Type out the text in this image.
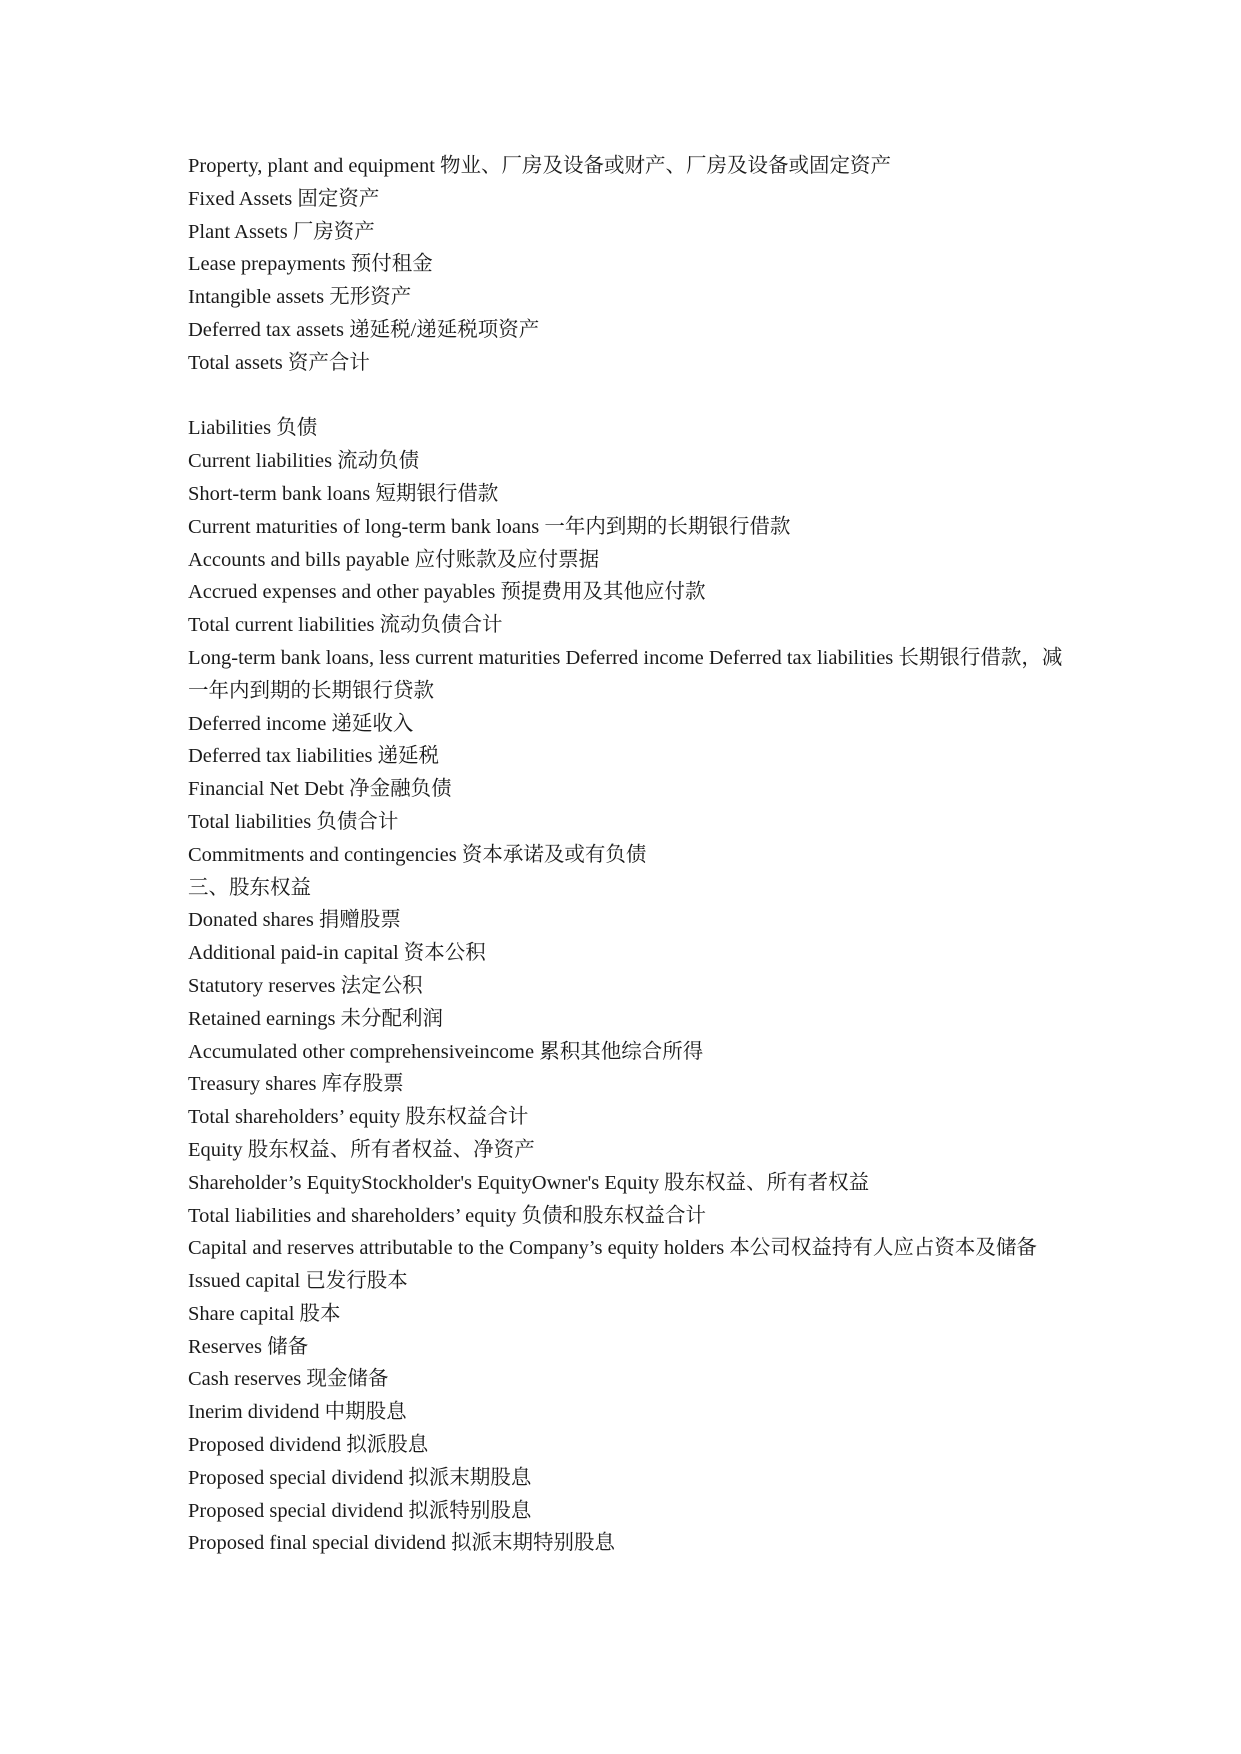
Property, plant and equipment 物业、厂房及设备或财产、厂房及设备或固定资产

Fixed Assets 固定资产

Plant Assets 厂房资产

Lease prepayments 预付租金

Intangible assets 无形资产

Deferred tax assets 递延税/递延税项资产

Total assets 资产合计

Liabilities 负债

Current liabilities 流动负债

Short-term bank loans 短期银行借款

Current maturities of long-term bank loans 一年内到期的长期银行借款

Accounts and bills payable 应付账款及应付票据

Accrued expenses and other payables 预提费用及其他应付款

Total current liabilities 流动负债合计

Long-term bank loans, less current maturities Deferred income Deferred tax liabilities 长期银行借款，减一年内到期的长期银行贷款

Deferred income 递延收入

Deferred tax liabilities 递延税

Financial Net Debt 净金融负债

Total liabilities 负债合计

Commitments and contingencies 资本承诺及或有负债

三、股东权益

Donated shares 捐赠股票

Additional paid-in capital 资本公积

Statutory reserves 法定公积

Retained earnings 未分配利润

Accumulated other comprehensiveincome 累积其他综合所得

Treasury shares 库存股票

Total shareholders’ equity 股东权益合计

Equity 股东权益、所有者权益、净资产

Shareholder’s EquityStockholder's EquityOwner's Equity 股东权益、所有者权益

Total liabilities and shareholders’ equity 负债和股东权益合计

Capital and reserves attributable to the Company’s equity holders 本公司权益持有人应占资本及储备

Issued capital 已发行股本

Share capital 股本

Reserves 储备

Cash reserves 现金储备

Inerim dividend 中期股息

Proposed dividend 拟派股息

Proposed special dividend 拟派末期股息

Proposed special dividend 拟派特别股息

Proposed final special dividend 拟派末期特别股息
